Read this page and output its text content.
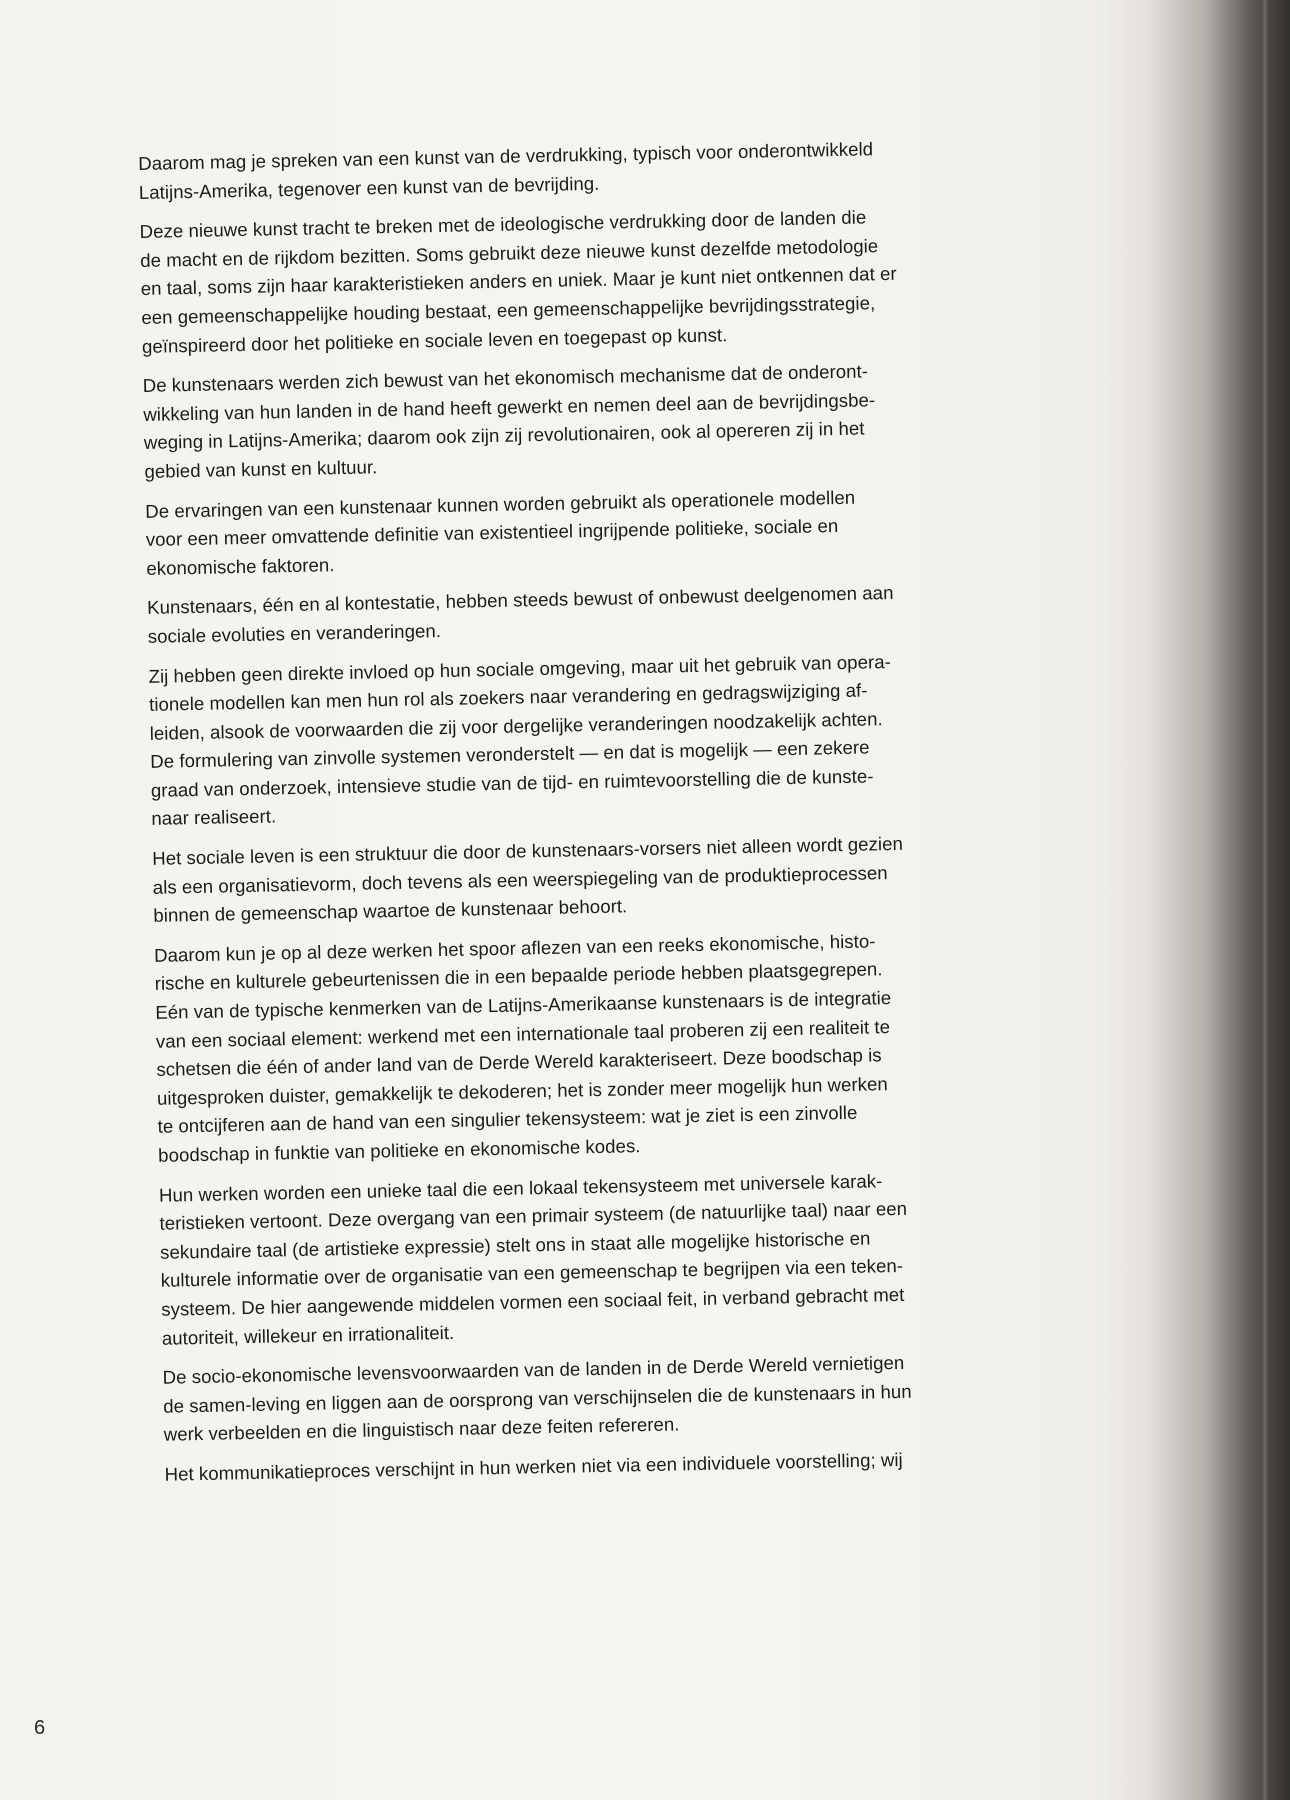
Daarom mag je spreken van een kunst van de verdrukking, typisch voor onderontwikkeld
Latijns-Amerika, tegenover een kunst van de bevrijding.

Deze nieuwe kunst tracht te breken met de ideologische verdrukking door de landen die
de macht en de rijkdom bezitten. Soms gebruikt deze nieuwe kunst dezelfde metodologie
en taal, soms zijn haar karakteristieken anders en uniek. Maar je kunt niet ontkennen dat er
een gemeenschappelijke houding bestaat, een gemeenschappelijke bevrijdingsstrategie,
geïnspireerd door het politieke en sociale leven en toegepast op kunst.

De kunstenaars werden zich bewust van het ekonomisch mechanisme dat de onderont-
wikkeling van hun landen in de hand heeft gewerkt en nemen deel aan de bevrijdingsbe-
weging in Latijns-Amerika; daarom ook zijn zij revolutionairen, ook al opereren zij in het
gebied van kunst en kultuur.

De ervaringen van een kunstenaar kunnen worden gebruikt als operationele modellen
voor een meer omvattende definitie van existentieel ingrijpende politieke, sociale en
ekonomische faktoren.

Kunstenaars, één en al kontestatie, hebben steeds bewust of onbewust deelgenomen aan
sociale evoluties en veranderingen.

Zij hebben geen direkte invloed op hun sociale omgeving, maar uit het gebruik van opera-
tionele modellen kan men hun rol als zoekers naar verandering en gedragswijziging af-
leiden, alsook de voorwaarden die zij voor dergelijke veranderingen noodzakelijk achten.
De formulering van zinvolle systemen veronderstelt — en dat is mogelijk — een zekere
graad van onderzoek, intensieve studie van de tijd- en ruimtevoorstelling die de kunste-
naar realiseert.

Het sociale leven is een struktuur die door de kunstenaars-vorsers niet alleen wordt gezien
als een organisatievorm, doch tevens als een weerspiegeling van de produktieprocessen
binnen de gemeenschap waartoe de kunstenaar behoort.

Daarom kun je op al deze werken het spoor aflezen van een reeks ekonomische, histo-
rische en kulturele gebeurtenissen die in een bepaalde periode hebben plaatsgegrepen.
Eén van de typische kenmerken van de Latijns-Amerikaanse kunstenaars is de integratie
van een sociaal element: werkend met een internationale taal proberen zij een realiteit te
schetsen die één of ander land van de Derde Wereld karakteriseert. Deze boodschap is
uitgesproken duister, gemakkelijk te dekoderen; het is zonder meer mogelijk hun werken
te ontcijferen aan de hand van een singulier tekensysteem: wat je ziet is een zinvolle
boodschap in funktie van politieke en ekonomische kodes.

Hun werken worden een unieke taal die een lokaal tekensysteem met universele karak-
teristieken vertoont. Deze overgang van een primair systeem (de natuurlijke taal) naar een
sekundaire taal (de artistieke expressie) stelt ons in staat alle mogelijke historische en
kulturele informatie over de organisatie van een gemeenschap te begrijpen via een teken-
systeem. De hier aangewende middelen vormen een sociaal feit, in verband gebracht met
autoriteit, willekeur en irrationaliteit.

De socio-ekonomische levensvoorwaarden van de landen in de Derde Wereld vernietigen
de samen-leving en liggen aan de oorsprong van verschijnselen die de kunstenaars in hun
werk verbeelden en die linguistisch naar deze feiten refereren.

Het kommunikatieproces verschijnt in hun werken niet via een individuele voorstelling; wij

6
